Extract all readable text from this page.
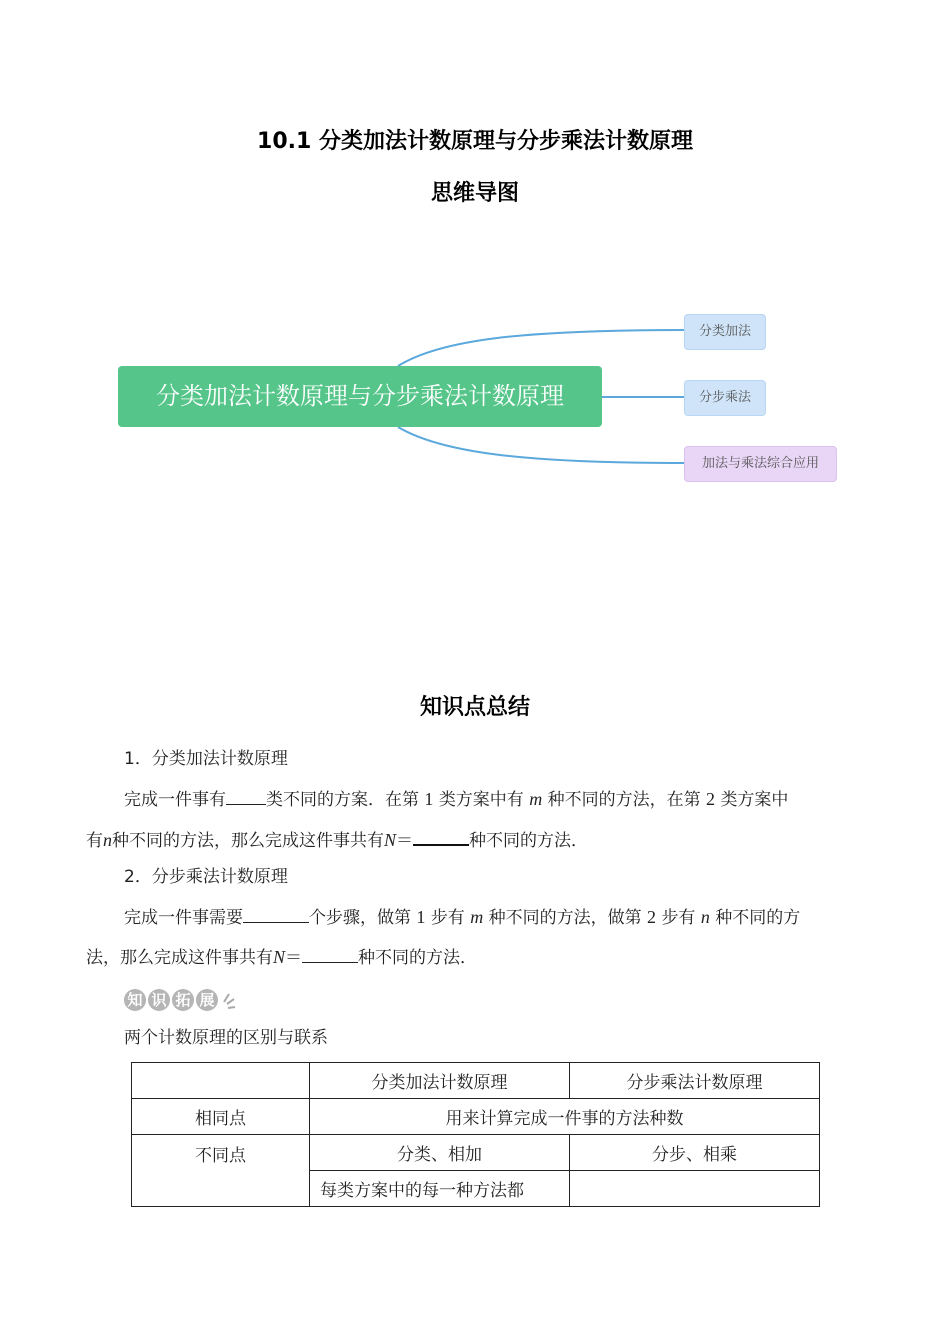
10.1 分类加法计数原理与分步乘法计数原理
思维导图
分类加法计数原理与分步乘法计数原理
分类加法
分步乘法
加法与乘法综合应用
知识点总结
1．分类加法计数原理
完成一件事有 类不同的方案．在第 1 类方案中有 m 种不同的方法，在第 2 类方案中
有n种不同的方法，那么完成这件事共有N＝	种不同的方法．
2．分步乘法计数原理
完成一件事需要	个步骤，做第 1 步有 m 种不同的方法，做第 2 步有 n 种不同的方
法，那么完成这件事共有N＝	种不同的方法．
知 识 拓 展
两个计数原理的区别与联系
	分类加法计数原理	分步乘法计数原理
相同点	用来计算完成一件事的方法种数	
不同点	分类、相加	分步、相乘
	每类方案中的每一种方法都	
